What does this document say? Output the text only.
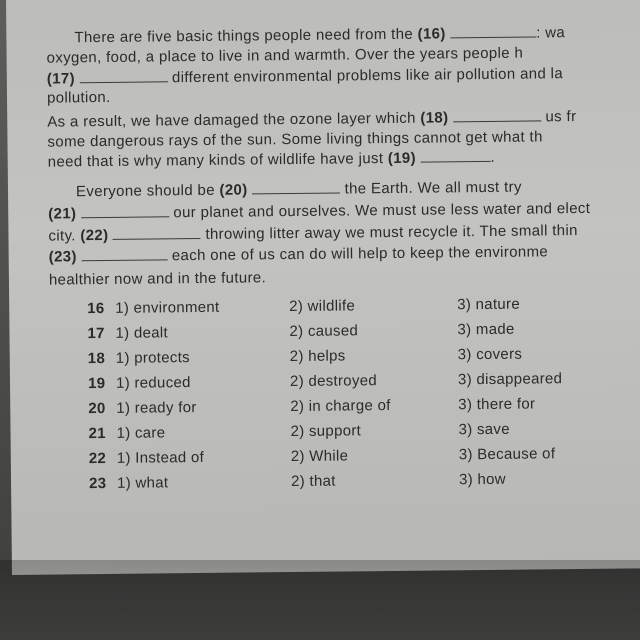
There are five basic things people need from the (16)	: wa
oxygen, food, a place to live in and warmth. Over the years people h
(17)	different environmental problems like air pollution and la
pollution.
As a result, we have damaged the ozone layer which (18)	us fr
some dangerous rays of the sun. Some living things cannot get what th
need that is why many kinds of wildlife have just (19)	.
Everyone should be (20)	the Earth. We all must try
(21)	our planet and ourselves. We must use less water and elect
city. (22)	throwing litter away we must recycle it. The small thin
(23)	each one of us can do will help to keep the environme
healthier now and in the future.
16 1) environment	2) wildlife	3) nature
17 1) dealt	2) caused	3) made
18 1) protects	2) helps	3) covers
19 1) reduced	2) destroyed	3) disappeared
20 1) ready for	2) in charge of	3) there for
21 1) care	2) support	3) save
22 1) Instead of	2) While	3) Because of
23 1) what	2) that	3) how
